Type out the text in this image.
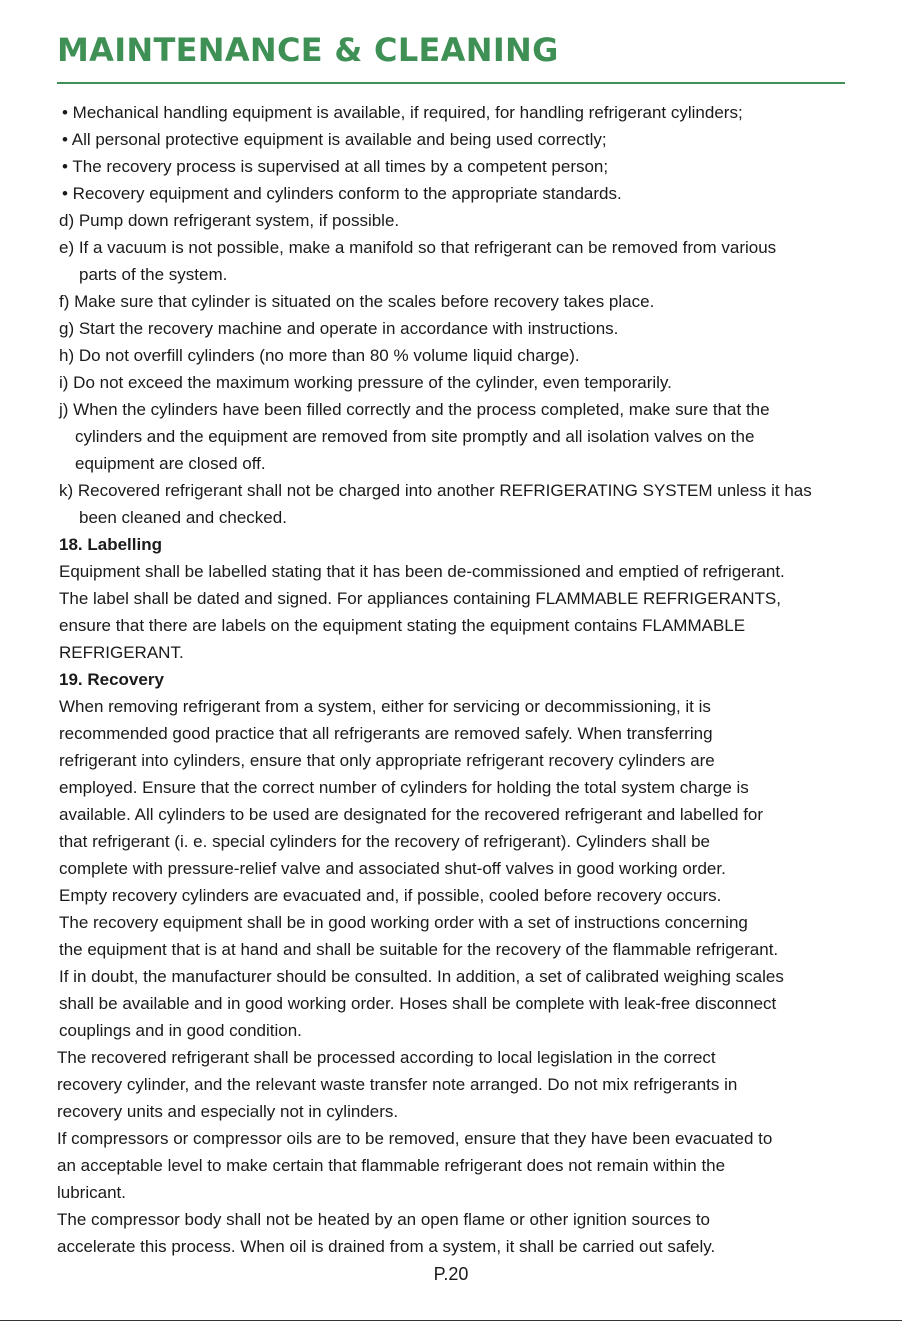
MAINTENANCE & CLEANING
• Mechanical handling equipment is available, if required, for handling refrigerant cylinders;
• All personal protective equipment is available and being used correctly;
• The recovery process is supervised at all times by a competent person;
• Recovery equipment and cylinders conform to the appropriate standards.
d) Pump down refrigerant system, if possible.
e) If a vacuum is not possible, make a manifold so that refrigerant can be removed from various
parts of the system.
f) Make sure that cylinder is situated on the scales before recovery takes place.
g) Start the recovery machine and operate in accordance with instructions.
h) Do not overfill cylinders (no more than 80 % volume liquid charge).
i) Do not exceed the maximum working pressure of the cylinder, even temporarily.
j) When the cylinders have been filled correctly and the process completed, make sure that the
cylinders and the equipment are removed from site promptly and all isolation valves on the
equipment are closed off.
k) Recovered refrigerant shall not be charged into another REFRIGERATING SYSTEM unless it has
been cleaned and checked.
18. Labelling
Equipment shall be labelled stating that it has been de-commissioned and emptied of refrigerant.
The label shall be dated and signed. For appliances containing FLAMMABLE REFRIGERANTS,
ensure that there are labels on the equipment stating the equipment contains FLAMMABLE
REFRIGERANT.
19. Recovery
When removing refrigerant from a system, either for servicing or decommissioning, it is
recommended good practice that all refrigerants are removed safely. When transferring
refrigerant into cylinders, ensure that only appropriate refrigerant recovery cylinders are
employed. Ensure that the correct number of cylinders for holding the total system charge is
available. All cylinders to be used are designated for the recovered refrigerant and labelled for
that refrigerant (i. e. special cylinders for the recovery of refrigerant). Cylinders shall be
complete with pressure-relief valve and associated shut-off valves in good working order.
Empty recovery cylinders are evacuated and, if possible, cooled before recovery occurs.
The recovery equipment shall be in good working order with a set of instructions concerning
the equipment that is at hand and shall be suitable for the recovery of the flammable refrigerant.
If in doubt, the manufacturer should be consulted. In addition, a set of calibrated weighing scales
shall be available and in good working order. Hoses shall be complete with leak-free disconnect
couplings and in good condition.
The recovered refrigerant shall be processed according to local legislation in the correct
recovery cylinder, and the relevant waste transfer note arranged. Do not mix refrigerants in
recovery units and especially not in cylinders.
If compressors or compressor oils are to be removed, ensure that they have been evacuated to
an acceptable level to make certain that flammable refrigerant does not remain within the
lubricant.
The compressor body shall not be heated by an open flame or other ignition sources to
accelerate this process. When oil is drained from a system, it shall be carried out safely.
P.20
